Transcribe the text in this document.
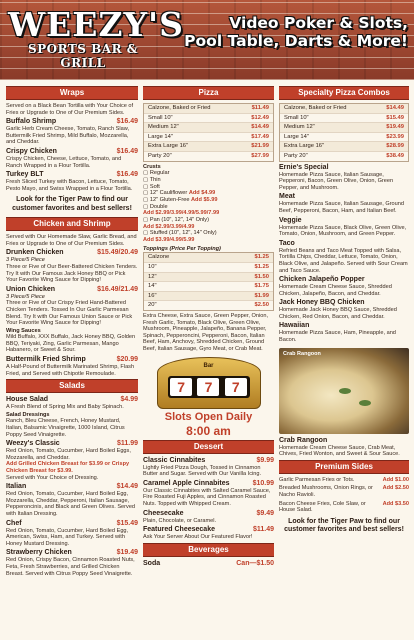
WEEZY'S
SPORTS BAR & GRILL
Video Poker & Slots,
Pool Table, Darts & More!
Wraps
Served on a Black Bean Tortilla with Your Choice of Fries or Upgrade to One of Our Premium Sides.
Buffalo Shrimp	$16.49
Garlic Herb Cream Cheese, Tomato, Ranch Slaw, Buttermilk Fried Shrimp, Mild Buffalo, Mozzarella, and Cheddar.
Crispy Chicken	$16.49
Crispy Chicken, Cheese, Lettuce, Tomato, and Ranch Wrapped in a Flour Tortilla.
Turkey BLT	$16.49
Fresh Sliced Turkey with Bacon, Lettuce, Tomato, Pesto Mayo, and Swiss Wrapped in a Flour Tortilla.
Look for the Tiger Paw to find our customer favorites and best sellers!
Chicken and Shrimp
Served with Our Homemade Slaw, Garlic Bread, and Fries or Upgrade to One of Our Premium Sides.
Drunken Chicken	$15.49/20.49
3 Piece/5 Piece
Three or Five of Our Beer-Battered Chicken Tenders. Try It with Our Famous Jack Honey BBQ or Pick Your Favorite Wing Sauce for Dipping!
Union Chicken	$16.49/21.49
3 Piece/5 Piece
Three or Five of Our Crispy Fried Hand-Battered Chicken Tenders. Tossed In Our Garlic Parmesan Blend. Try It with Our Famous Union Sauce or Pick Your Favorite Wing Sauce for Dipping!
Wing Sauces
Mild Buffalo, XXX Buffalo, Jack Honey BBQ, Golden BBQ, Teriyaki, Zing, Garlic Parmesan, Mango Habanero, or Sweet & Sour.
Buttermilk Fried Shrimp	$20.99
A Half-Pound of Buttermilk Marinated Shrimp, Flash Fried, and Served with Chipotle Remoulade.
Salads
House Salad	$4.99
A Fresh Blend of Spring Mix and Baby Spinach.
Salad Dressings
Ranch, Bleu Cheese, French, Honey Mustard, Italian, Balsamic Vinaigrette, 1000 Island, Citrus Poppy Seed Vinaigrette.
Weezy's Classic	$11.99
Red Onion, Tomato, Cucumber, Hard Boiled Eggs, Mozzarella, and Cheddar.
Add Grilled Chicken Breast for $3.99 or Crispy Chicken Breast for $3.99.
Served with Your Choice of Dressing.
Italian	$14.49
Red Onion, Tomato, Cucumber, Hard Boiled Egg, Mozzarella, Cheddar, Pepperoni, Italian Sausage, Pepperoncinis, and Black and Green Olives. Served with Italian Dressing.
Chef	$15.49
Red Onion, Tomato, Cucumber, Hard Boiled Egg, American, Swiss, Ham, and Turkey. Served with Honey Mustard Dressing.
Strawberry Chicken	$19.49
Red Onion, Crispy Bacon, Cinnamon Roasted Nuts, Feta, Fresh Strawberries, and Grilled Chicken Breast. Served with Citrus Poppy Seed Vinaigrette.
Pizza
Calzone, Baked or Fried	$11.49
Small 10"	$12.49
Medium 12"	$14.49
Large 14"	$17.49
Extra Large 16"	$21.99
Party 20"	$27.99
Crusts
▢ Regular
▢ Thin
▢ Soft
▢ 12" Cauliflower Add $4.99
▢ 12" Gluten-Free Add $5.99
▢ Double
Add $2.99/3.99/4.99/5.99/7.99
▢ Pan (10", 12", 14" Only)
Add $2.99/3.99/4.99
▢ Stuffed (10", 12", 14" Only)
Add $3.99/4.99/5.99
Toppings (Price Per Topping)
Calzone	$1.25
10"	$1.25
12"	$1.50
14"	$1.75
16"	$1.99
20"	$2.50
Extra Cheese, Extra Sauce, Green Pepper, Onion, Fresh Garlic, Tomato, Black Olive, Green Olive, Mushroom, Pineapple, Jalapeño, Banana Pepper, Spinach, Pepperoncini, Pepperoni, Bacon, Italian Beef, Ham, Anchovy, Shredded Chicken, Ground Beef, Italian Sausage, Gyro Meat, or Crab Meat.
Bar
7	7	7
Slots Open Daily
8:00 am
Dessert
Classic Cinnabites	$9.99
Lightly Fried Pizza Dough, Tossed in Cinnamon Butter and Sugar. Served with Our Vanilla Icing.
Caramel Apple Cinnabites	$10.99
Our Classic Cinnabites with Salted Caramel Sauce, Fire Roasted Fuji Apples, and Cinnamon Roasted Nuts. Topped with Whipped Cream.
Cheesecake	$9.49
Plain, Chocolate, or Caramel.
Featured Cheesecake	$11.49
Ask Your Server About Our Featured Flavor!
Beverages
Soda	Can—$1.50
Specialty Pizza Combos
Calzone, Baked or Fried	$14.49
Small 10"	$15.49
Medium 12"	$19.49
Large 14"	$23.99
Extra Large 16"	$28.99
Party 20"	$38.49
Ernie's Special
Homemade Pizza Sauce, Italian Sausage, Pepperoni, Bacon, Green Olive, Onion, Green Pepper, and Mushroom.
Meat
Homemade Pizza Sauce, Italian Sausage, Ground Beef, Pepperoni, Bacon, Ham, and Italian Beef.
Veggie
Homemade Pizza Sauce, Black Olive, Green Olive, Tomato, Onion, Mushroom, and Green Pepper.
Taco
Refried Beans and Taco Meat Topped with Salsa, Tortilla Chips, Cheddar, Lettuce, Tomato, Onion, Black Olive, and Jalapeño. Served with Sour Cream and Taco Sauce.
Chicken Jalapeño Popper
Homemade Cream Cheese Sauce, Shredded Chicken, Jalapeño, Bacon, and Cheddar.
Jack Honey BBQ Chicken
Homemade Jack Honey BBQ Sauce, Shredded Chicken, Red Onion, Bacon, and Cheddar.
Hawaiian
Homemade Pizza Sauce, Ham, Pineapple, and Bacon.
Crab Rangoon
Crab Rangoon
Homemade Cream Cheese Sauce, Crab Meat, Chives, Fried Wonton, and Sweet & Sour Sauce.
Premium Sides
Garlic Parmesan Fries or Tots.	Add $1.00
Breaded Mushrooms, Onion Rings, or Nacho Ravioli.
Add $2.50
Bacon Cheese Fries, Cole Slaw, or House Salad.
Add $3.50
Look for the Tiger Paw to find our customer favorites and best sellers!
